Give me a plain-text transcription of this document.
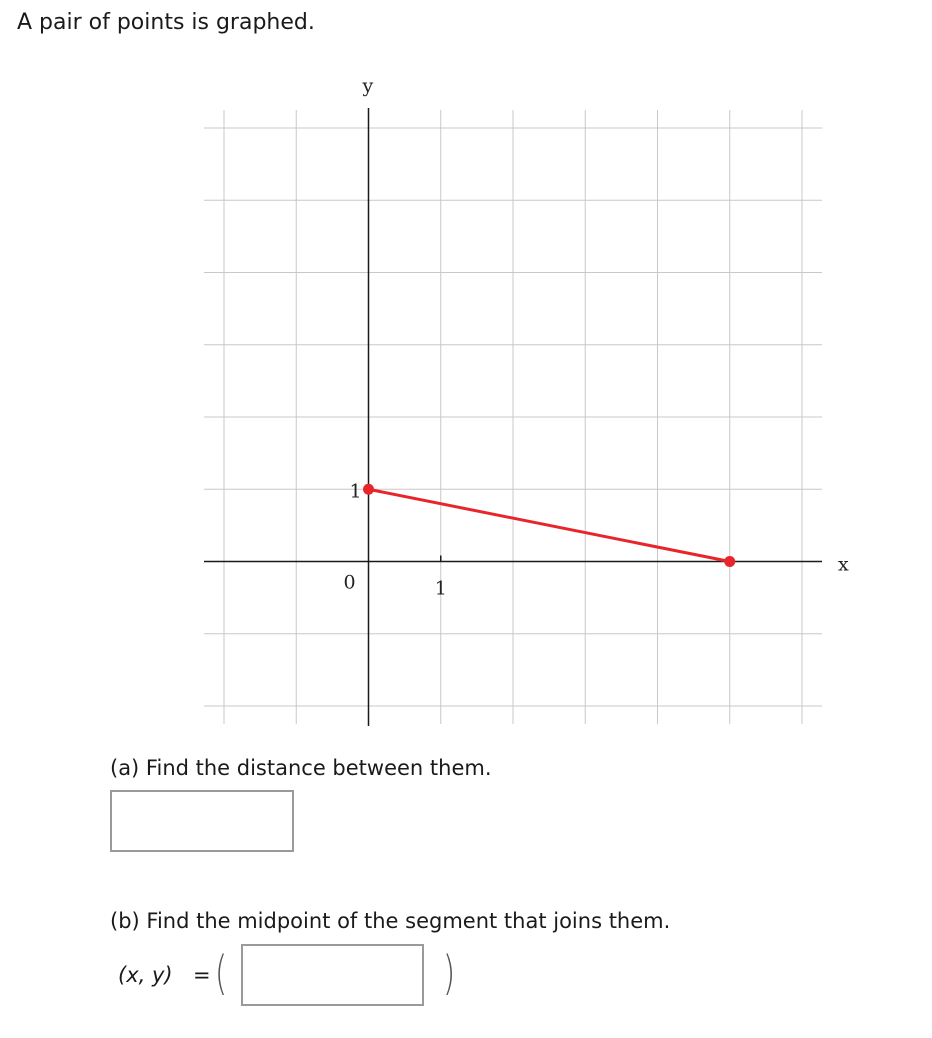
A pair of points is graphed.
x
y
0	1
1

(a) Find the distance between them.

(b) Find the midpoint of the segment that joins them.

(x, y) = (	)
